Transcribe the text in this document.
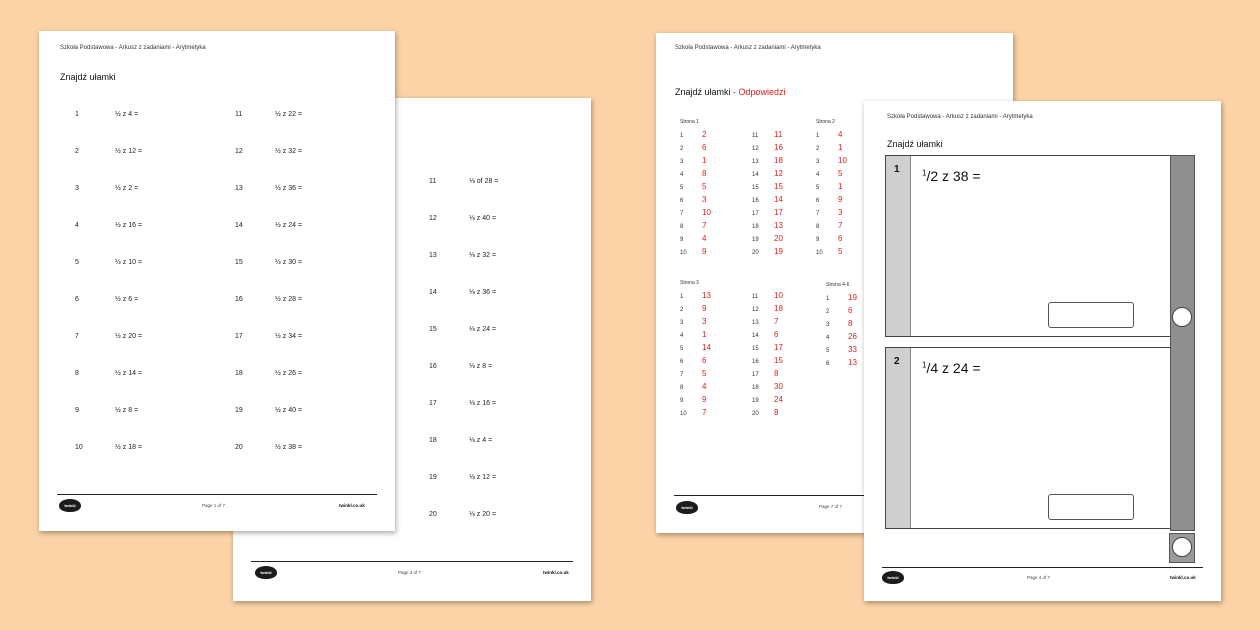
11	⅛ of 28 =
12	⅛ z 40 =
13	⅛ z 32 =
14	⅛ z 36 =
15	⅛ z 24 =
16	⅛ z 8 =
17	⅛ z 16 =
18	⅛ z 4 =
19	⅛ z 12 =
20	⅛ z 20 =
twinkl	Page 3 of 7	twinkl.co.uk
Szkoła Podstawowa - Arkusz z zadaniami - Arytmetyka
Znajdź ułamki
1	½ z 4 =
2	½ z 12 =
3	½ z 2 =
4	½ z 16 =
5	½ z 10 =
6	½ z 6 =
7	½ z 20 =
8	½ z 14 =
9	½ z 8 =
10	½ z 18 =
11	½ z 22 =
12	½ z 32 =
13	½ z 36 =
14	½ z 24 =
15	½ z 30 =
16	½ z 28 =
17	½ z 34 =
18	½ z 26 =
19	½ z 40 =
20	½ z 38 =
twinkl	Page 1 of 7	twinkl.co.uk
Szkoła Podstawowa - Arkusz z zadaniami - Arytmetyka
Znajdź ułamki - Odpowiedzi
Strona 1
1 2
2 6
3 1
4 8
5 5
6 3
7 10
8 7
9 4
10 9
11 11
12 16
13 18
14 12
15 15
16 14
17 17
18 13
19 20
20 19
Strona 2
1 4
2 1
3 10
4 5
5 1
6 9
7 3
8 7
9 6
10 5
Strona 3
1 13
2 9
3 3
4 1
5 14
6 6
7 5
8 4
9 9
10 7
11 10
12 18
13 7
14 6
15 17
16 15
17 8
18 30
19 24
20 8
Strona 4-6
1 19
2 6
3 8
4 26
5 33
6 13
twinkl	Page 7 of 7
Szkoła Podstawowa - Arkusz z zadaniami - Arytmetyka
Znajdź ułamki
1	$^1$/2 z 38 =
2	$^1$/4 z 24 =
twinkl	Page 4 of 7	twinkl.co.uk
